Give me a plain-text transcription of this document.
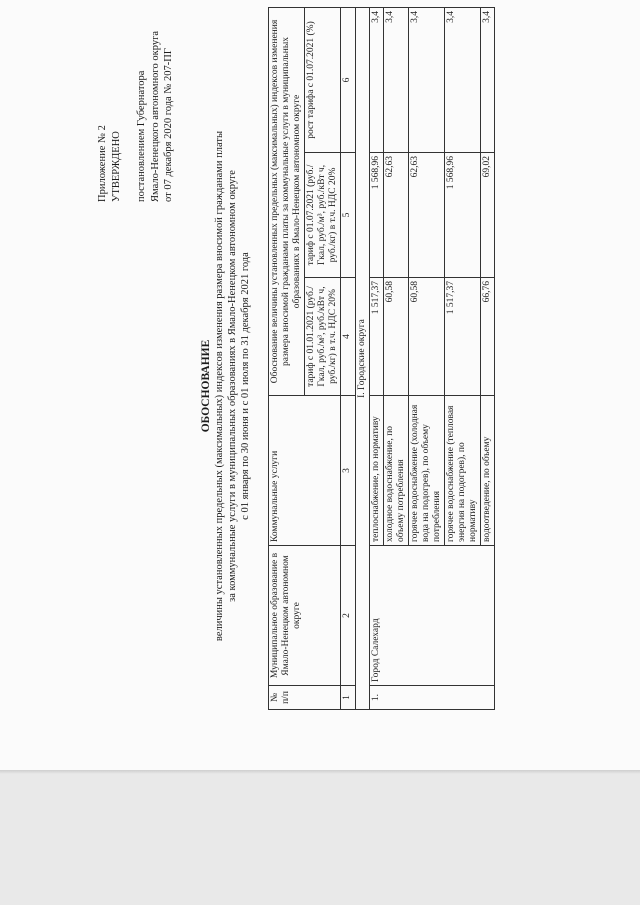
Приложение № 2 УТВЕРЖДЕНО постановлением Губернатора Ямало-Ненецкого автономного округа от 07 декабря 2020 года № 207-ПГ
ОБОСНОВАНИЕ величины установленных предельных (максимальных) индексов изменения размера вносимой гражданами платы за коммунальные услуги в муниципальных образованиях в Ямало-Ненецком автономном округе с 01 января по 30 июня и с 01 июля по 31 декабря 2021 года
№ п/п	Муниципальное образование в Ямало-Ненецком автономном округе	Коммунальные услуги	Обоснование величины установленных предельных (максимальных) индексов изменения размера вносимой гражданами платы за коммунальные услуги в муниципальных образованиях в Ямало-Ненецком автономном округе		
			тариф с 01.01.2021 (руб./Гкал, руб./м³, руб./кВт ч, руб./кг) в т.ч. НДС 20%	тариф с 01.07.2021 (руб./Гкал, руб./м³, руб./кВт ч, руб./кг) в т.ч. НДС 20%	рост тарифа с 01.07.2021 (%)
1	2	3	4	5	6
I. Городские округа					
1.	Город Салехард	теплоснабжение, по нормативу	1 517,37	1 568,96	3,4
		холодное водоснабжение, по объему потребления	60,58	62,63	3,4
		горячее водоснабжение (холодная вода на подогрев), по объему потребления	60,58	62,63	3,4
		горячее водоснабжение (тепловая энергия на подогрев), по нормативу	1 517,37	1 568,96	3,4
		водоотведение, по объему	66,76	69,02	3,4
